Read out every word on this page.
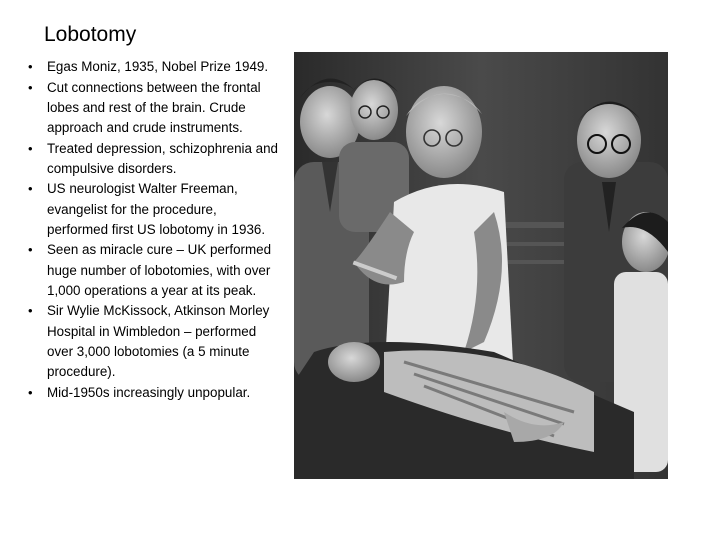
Lobotomy
• Egas Moniz, 1935, Nobel Prize 1949.
• Cut connections between the frontal lobes and rest of the brain. Crude approach and crude instruments.
• Treated depression, schizophrenia and compulsive disorders.
• US neurologist Walter Freeman, evangelist for the procedure, performed first US lobotomy in 1936.
• Seen as miracle cure – UK performed huge number of lobotomies, with over 1,000 operations a year at its peak.
• Sir Wylie McKissock, Atkinson Morley Hospital in Wimbledon – performed over 3,000 lobotomies (a 5 minute procedure).
• Mid-1950s increasingly unpopular.
